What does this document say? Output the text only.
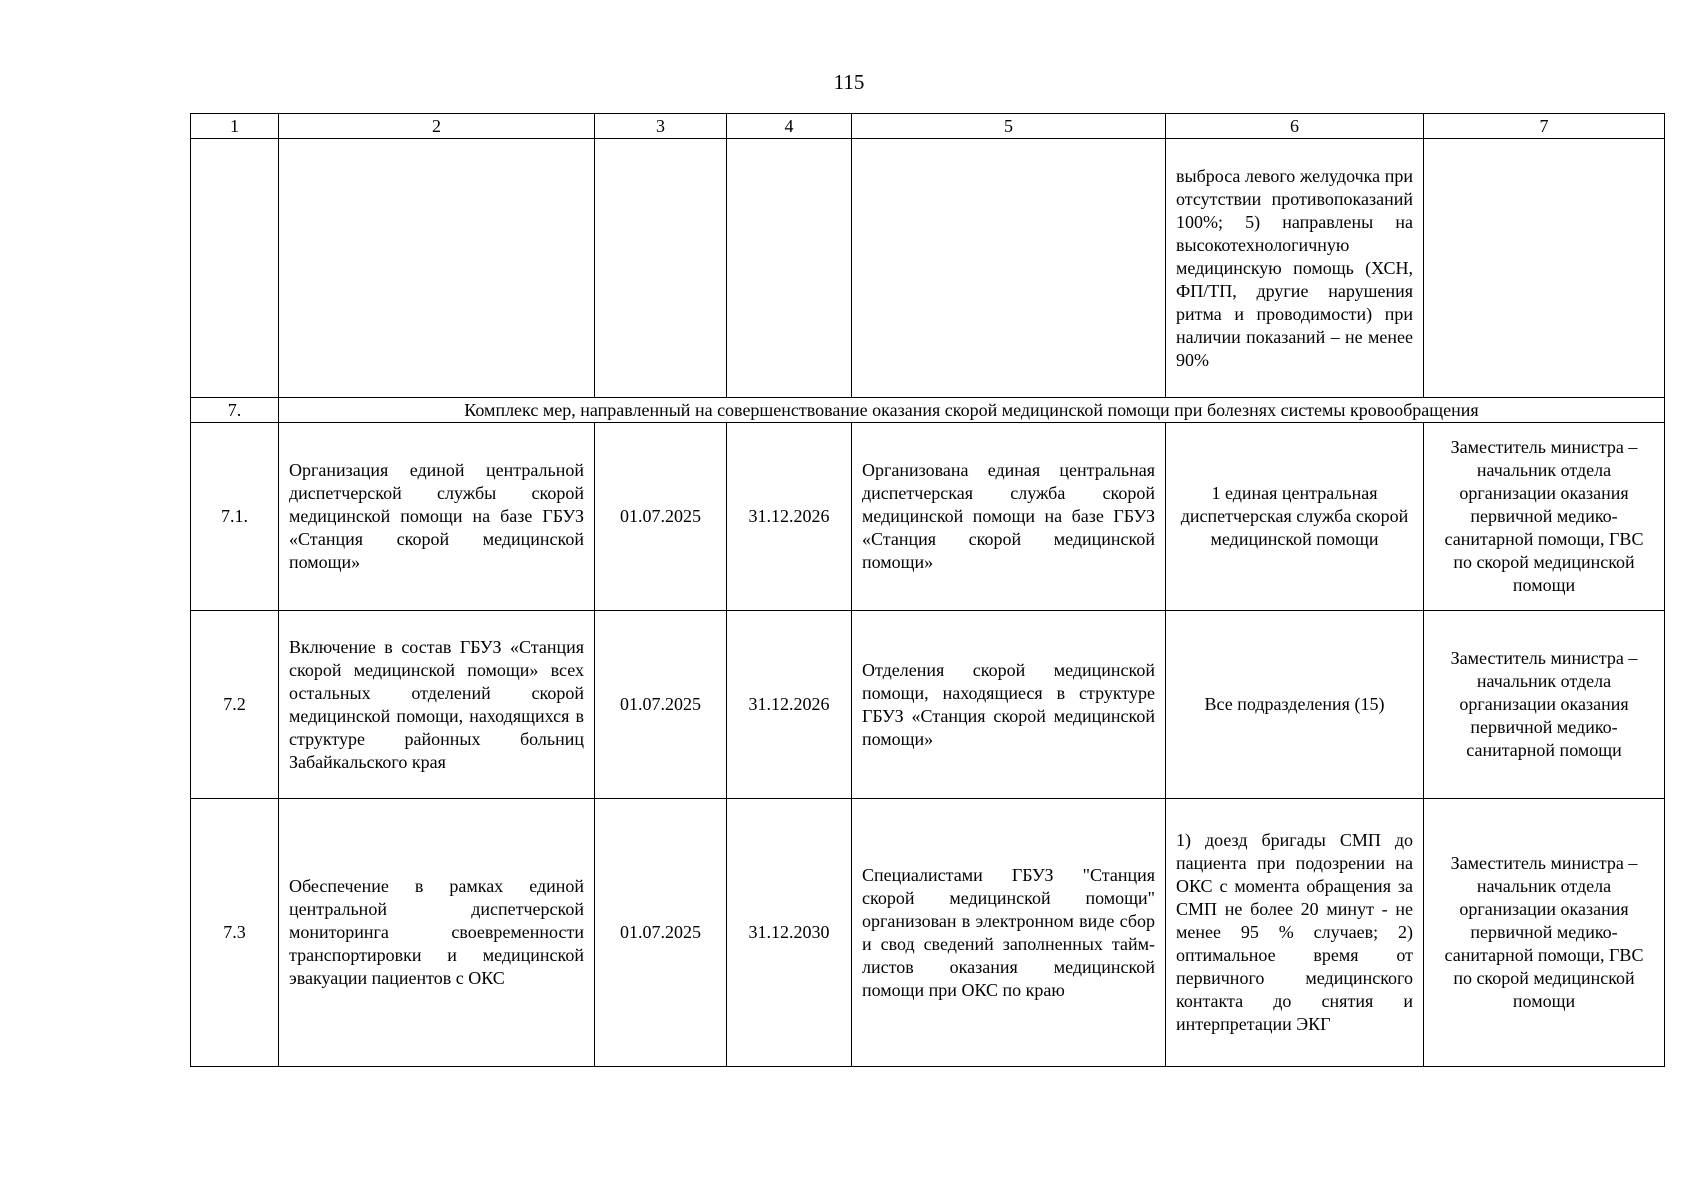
115
1	2	3	4	5	6	7
					выброса левого желудочка при отсутствии противопоказаний 100%; 5) направлены на высокотехнологичную медицинскую помощь (ХСН, ФП/ТП, другие нарушения ритма и проводимости) при наличии показаний – не менее 90%	
7.	Комплекс мер, направленный на совершенствование оказания скорой медицинской помощи при болезнях системы кровообращения					
7.1.	Организация единой центральной диспетчерской службы скорой медицинской помощи на базе ГБУЗ «Станция скорой медицинской помощи»	01.07.2025	31.12.2026	Организована единая центральная диспетчерская служба скорой медицинской помощи на базе ГБУЗ «Станция скорой медицинской помощи»	1 единая центральная диспетчерская служба скорой медицинской помощи	Заместитель министра – начальник отдела организации оказания первичной медико-санитарной помощи, ГВС по скорой медицинской помощи
7.2	Включение в состав ГБУЗ «Станция скорой медицинской помощи» всех остальных отделений скорой медицинской помощи, находящихся в структуре районных больниц Забайкальского края	01.07.2025	31.12.2026	Отделения скорой медицинской помощи, находящиеся в структуре ГБУЗ «Станция скорой медицинской помощи»	Все подразделения (15)	Заместитель министра – начальник отдела организации оказания первичной медико-санитарной помощи
7.3	Обеспечение в рамках единой центральной диспетчерской мониторинга своевременности транспортировки и медицинской эвакуации пациентов с ОКС	01.07.2025	31.12.2030	Специалистами ГБУЗ "Станция скорой медицинской помощи" организован в электронном виде сбор и свод сведений заполненных тайм-листов оказания медицинской помощи при ОКС по краю	1) доезд бригады СМП до пациента при подозрении на ОКС с момента обращения за СМП не более 20 минут - не менее 95 % случаев; 2) оптимальное время от первичного медицинского контакта до снятия и интерпретации ЭКГ	Заместитель министра – начальник отдела организации оказания первичной медико-санитарной помощи, ГВС по скорой медицинской помощи
